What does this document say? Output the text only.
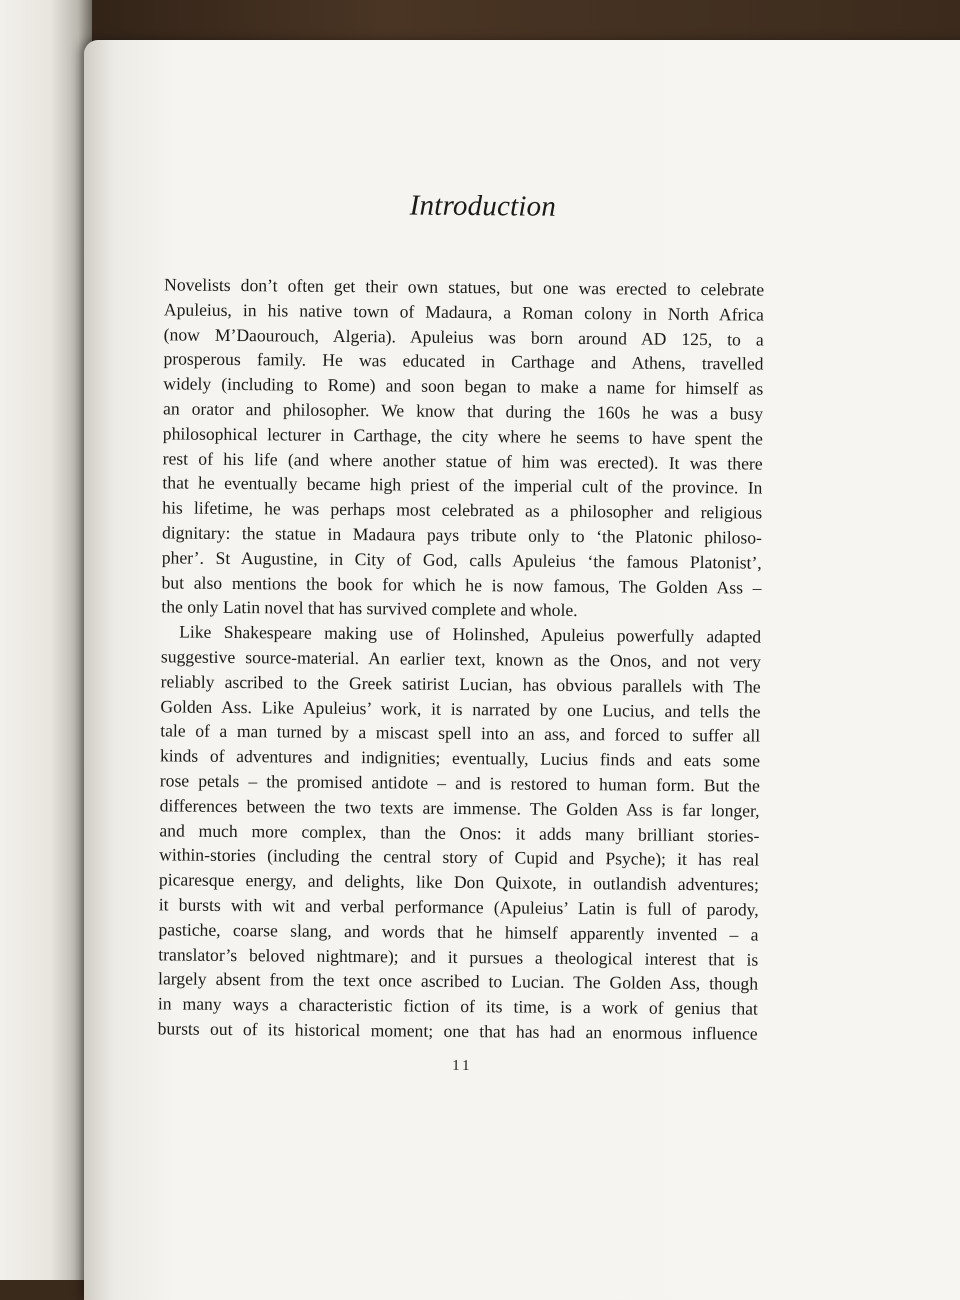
Introduction
Novelists don’t often get their own statues, but one was erected to celebrate
Apuleius, in his native town of Madaura, a Roman colony in North Africa
(now M’Daourouch, Algeria). Apuleius was born around AD 125, to a
prosperous family. He was educated in Carthage and Athens, travelled
widely (including to Rome) and soon began to make a name for himself as
an orator and philosopher. We know that during the 160s he was a busy
philosophical lecturer in Carthage, the city where he seems to have spent the
rest of his life (and where another statue of him was erected). It was there
that he eventually became high priest of the imperial cult of the province. In
his lifetime, he was perhaps most celebrated as a philosopher and religious
dignitary: the statue in Madaura pays tribute only to ‘the Platonic philoso-
pher’. St Augustine, in City of God, calls Apuleius ‘the famous Platonist’,
but also mentions the book for which he is now famous, The Golden Ass –
the only Latin novel that has survived complete and whole.
Like Shakespeare making use of Holinshed, Apuleius powerfully adapted
suggestive source-material. An earlier text, known as the Onos, and not very
reliably ascribed to the Greek satirist Lucian, has obvious parallels with The
Golden Ass. Like Apuleius’ work, it is narrated by one Lucius, and tells the
tale of a man turned by a miscast spell into an ass, and forced to suffer all
kinds of adventures and indignities; eventually, Lucius finds and eats some
rose petals – the promised antidote – and is restored to human form. But the
differences between the two texts are immense. The Golden Ass is far longer,
and much more complex, than the Onos: it adds many brilliant stories-
within-stories (including the central story of Cupid and Psyche); it has real
picaresque energy, and delights, like Don Quixote, in outlandish adventures;
it bursts with wit and verbal performance (Apuleius’ Latin is full of parody,
pastiche, coarse slang, and words that he himself apparently invented – a
translator’s beloved nightmare); and it pursues a theological interest that is
largely absent from the text once ascribed to Lucian. The Golden Ass, though
in many ways a characteristic fiction of its time, is a work of genius that
bursts out of its historical moment; one that has had an enormous influence
11
